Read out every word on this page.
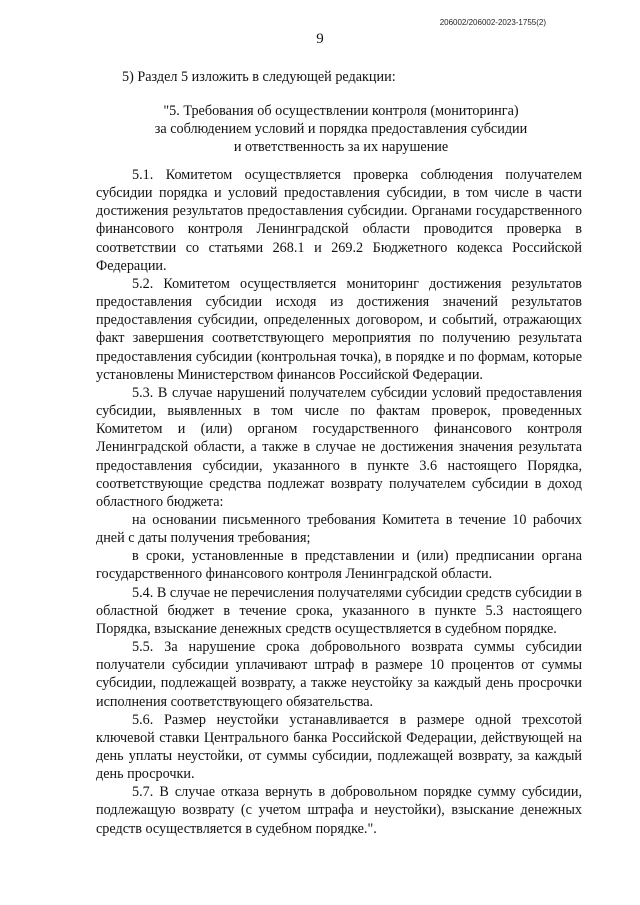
206002/206002-2023-1755(2)
9

5) Раздел 5 изложить в следующей редакции:

"5. Требования об осуществлении контроля (мониторинга)
за соблюдением условий и порядка предоставления субсидии
и ответственность за их нарушение

5.1. Комитетом осуществляется проверка соблюдения получателем субсидии порядка и условий предоставления субсидии, в том числе в части достижения результатов предоставления субсидии. Органами государственного финансового контроля Ленинградской области проводится проверка в соответствии со статьями 268.1 и 269.2 Бюджетного кодекса Российской Федерации.

5.2. Комитетом осуществляется мониторинг достижения результатов предоставления субсидии исходя из достижения значений результатов предоставления субсидии, определенных договором, и событий, отражающих факт завершения соответствующего мероприятия по получению результата предоставления субсидии (контрольная точка), в порядке и по формам, которые установлены Министерством финансов Российской Федерации.

5.3. В случае нарушений получателем субсидии условий предоставления субсидии, выявленных в том числе по фактам проверок, проведенных Комитетом и (или) органом государственного финансового контроля Ленинградской области, а также в случае не достижения значения результата предоставления субсидии, указанного в пункте 3.6 настоящего Порядка, соответствующие средства подлежат возврату получателем субсидии в доход областного бюджета:

на основании письменного требования Комитета в течение 10 рабочих дней с даты получения требования;

в сроки, установленные в представлении и (или) предписании органа государственного финансового контроля Ленинградской области.

5.4. В случае не перечисления получателями субсидии средств субсидии в областной бюджет в течение срока, указанного в пункте 5.3 настоящего Порядка, взыскание денежных средств осуществляется в судебном порядке.

5.5. За нарушение срока добровольного возврата суммы субсидии получатели субсидии уплачивают штраф в размере 10 процентов от суммы субсидии, подлежащей возврату, а также неустойку за каждый день просрочки исполнения соответствующего обязательства.

5.6. Размер неустойки устанавливается в размере одной трехсотой ключевой ставки Центрального банка Российской Федерации, действующей на день уплаты неустойки, от суммы субсидии, подлежащей возврату, за каждый день просрочки.

5.7. В случае отказа вернуть в добровольном порядке сумму субсидии, подлежащую возврату (с учетом штрафа и неустойки), взыскание денежных средств осуществляется в судебном порядке.".
